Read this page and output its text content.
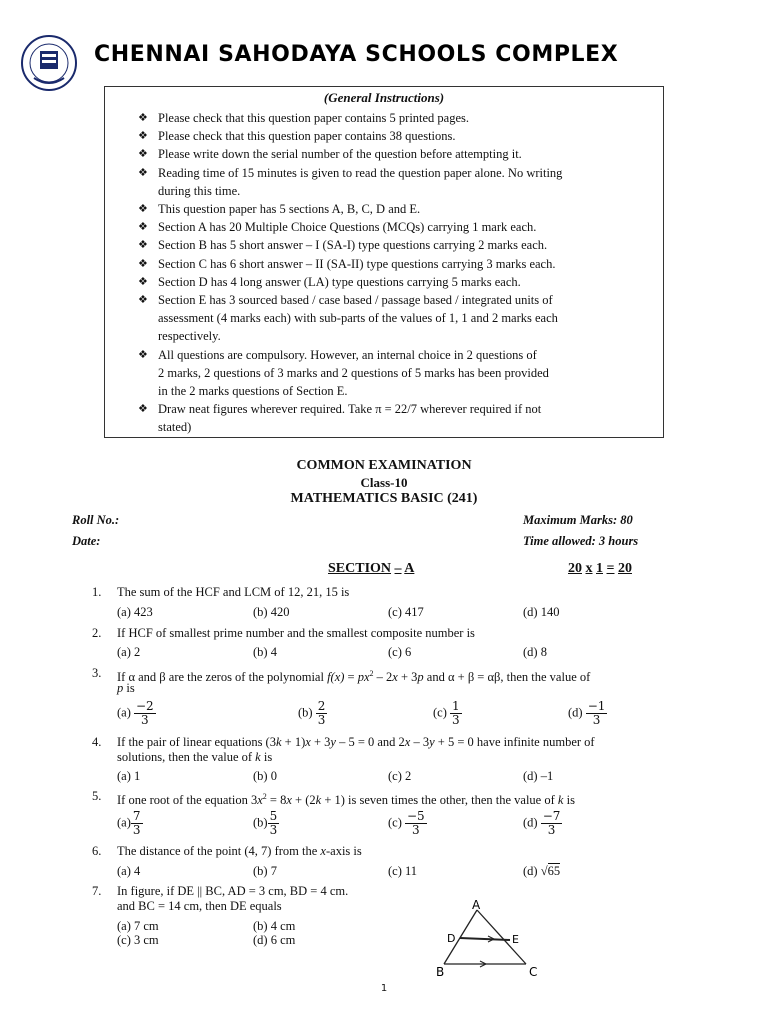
CHENNAI SAHODAYA SCHOOLS COMPLEX
(General Instructions)
❖ Please check that this question paper contains 5 printed pages.
❖ Please check that this question paper contains 38 questions.
❖ Please write down the serial number of the question before attempting it.
❖ Reading time of 15 minutes is given to read the question paper alone. No writing
during this time.
❖ This question paper has 5 sections A, B, C, D and E.
❖ Section A has 20 Multiple Choice Questions (MCQs) carrying 1 mark each.
❖ Section B has 5 short answer – I (SA-I) type questions carrying 2 marks each.
❖ Section C has 6 short answer – II (SA-II) type questions carrying 3 marks each.
❖ Section D has 4 long answer (LA) type questions carrying 5 marks each.
❖ Section E has 3 sourced based / case based / passage based / integrated units of
assessment (4 marks each) with sub-parts of the values of 1, 1 and 2 marks each
respectively.
❖ All questions are compulsory. However, an internal choice in 2 questions of
2 marks, 2 questions of 3 marks and 2 questions of 5 marks has been provided
in the 2 marks questions of Section E.
❖ Draw neat figures wherever required. Take π = 22/7 wherever required if not
stated)
COMMON EXAMINATION
Class-10
MATHEMATICS BASIC (241)
Roll No.:
Date:
Maximum Marks: 80
Time allowed: 3 hours
SECTION – A	20 x 1 = 20
1. The sum of the HCF and LCM of 12, 21, 15 is
(a) 423	(b) 420	(c) 417	(d) 140
2. If HCF of smallest prime number and the smallest composite number is
(a) 2	(b) 4	(c) 6	(d) 8
3. If α and β are the zeros of the polynomial $f(x) = px^2 - 2x + 3p$ and α + β = αβ, then the value of
p is
$(a) \frac{-2}{3}$	$(b) \frac{2}{3}$	$(c) \frac{1}{3}$	$(d) \frac{-1}{3}$
4. If the pair of linear equations (3k + 1)x + 3y – 5 = 0 and 2x – 3y + 5 = 0 have infinite number of
solutions, then the value of k is
(a) 1	(b) 0	(c) 2	(d) –1
5. If one root of the equation $3x^2 = 8x + (2k + 1)$ is seven times the other, then the value of k is
$(a) \frac{7}{3}$	$(b) \frac{5}{3}$	$(c) \frac{-5}{3}$	$(d) \frac{-7}{3}$
6. The distance of the point (4, 7) from the x-axis is
(a) 4	(b) 7	(c) 11	(d) √65
7. In figure, if DE || BC, AD = 3 cm, BD = 4 cm.
and BC = 14 cm, then DE equals
(a) 7 cm	(b) 4 cm
(c) 3 cm	(d) 6 cm
A
D	E
B	C
1
